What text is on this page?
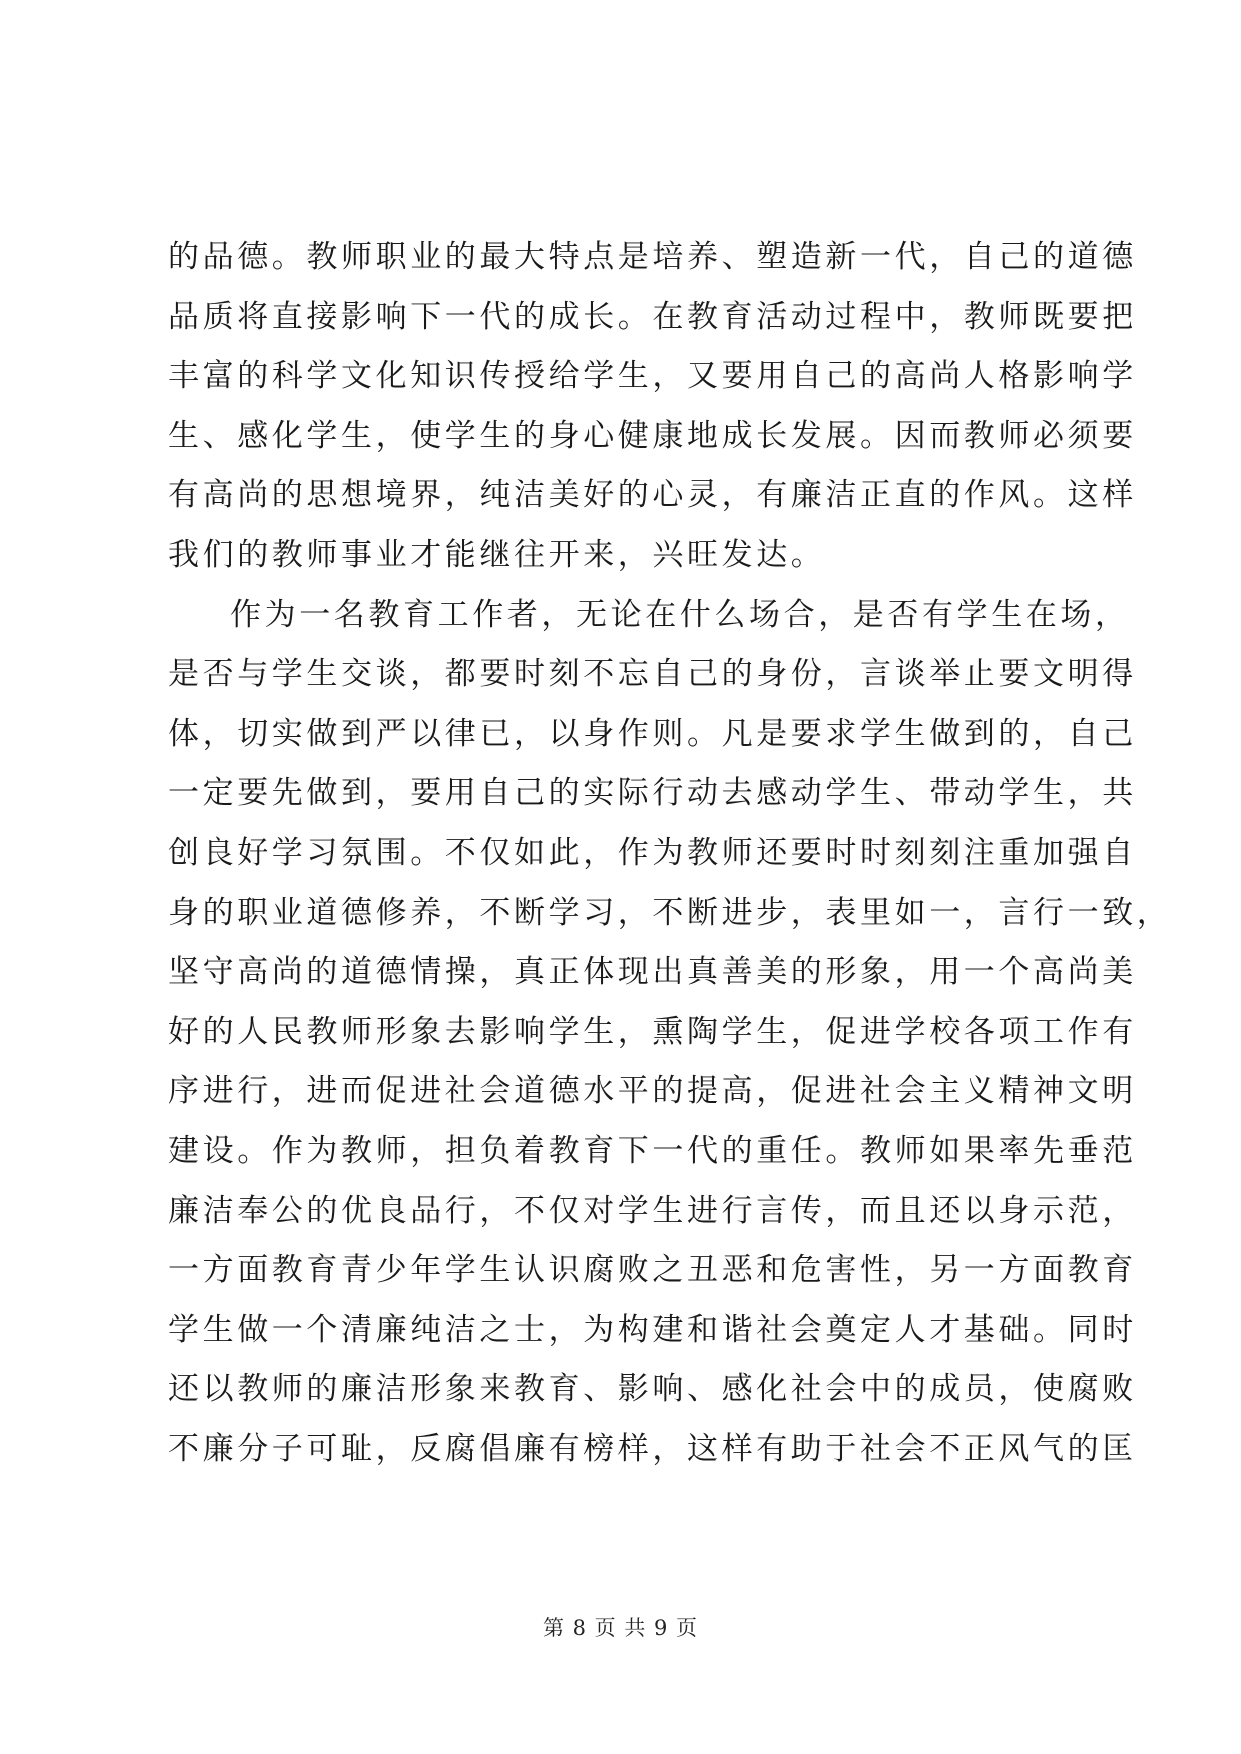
的品德。教师职业的最大特点是培养、塑造新一代，自己的道德
品质将直接影响下一代的成长。在教育活动过程中，教师既要把
丰富的科学文化知识传授给学生，又要用自己的高尚人格影响学
生、感化学生，使学生的身心健康地成长发展。因而教师必须要
有高尚的思想境界，纯洁美好的心灵，有廉洁正直的作风。这样
我们的教师事业才能继往开来，兴旺发达。
作为一名教育工作者，无论在什么场合，是否有学生在场，
是否与学生交谈，都要时刻不忘自己的身份，言谈举止要文明得
体，切实做到严以律已，以身作则。凡是要求学生做到的，自己
一定要先做到，要用自己的实际行动去感动学生、带动学生，共
创良好学习氛围。不仅如此，作为教师还要时时刻刻注重加强自
身的职业道德修养，不断学习，不断进步，表里如一，言行一致，
坚守高尚的道德情操，真正体现出真善美的形象，用一个高尚美
好的人民教师形象去影响学生，熏陶学生，促进学校各项工作有
序进行，进而促进社会道德水平的提高，促进社会主义精神文明
建设。作为教师，担负着教育下一代的重任。教师如果率先垂范
廉洁奉公的优良品行，不仅对学生进行言传，而且还以身示范，
一方面教育青少年学生认识腐败之丑恶和危害性，另一方面教育
学生做一个清廉纯洁之士，为构建和谐社会奠定人才基础。同时
还以教师的廉洁形象来教育、影响、感化社会中的成员，使腐败
不廉分子可耻，反腐倡廉有榜样，这样有助于社会不正风气的匡
第 8 页 共 9 页
